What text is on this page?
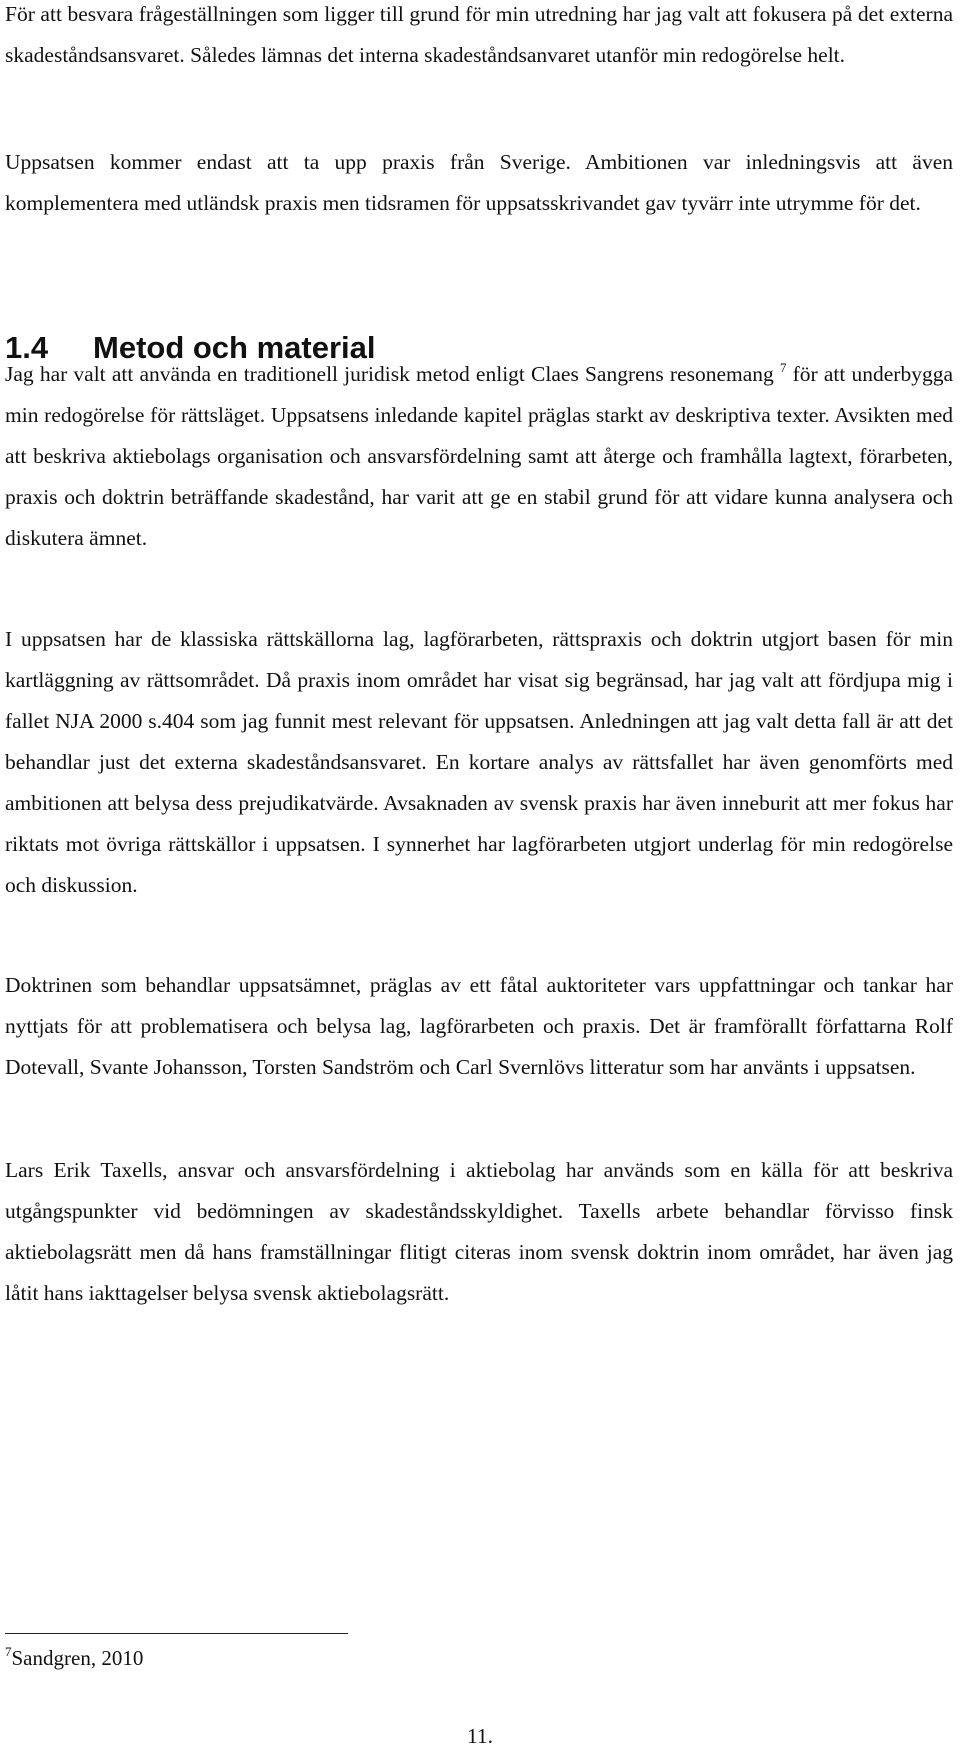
För att besvara frågeställningen som ligger till grund för min utredning har jag valt att fokusera på det externa skadeståndsansvaret. Således lämnas det interna skadeståndsanvaret utanför min redogörelse helt.

Uppsatsen kommer endast att ta upp praxis från Sverige. Ambitionen var inledningsvis att även komplementera med utländsk praxis men tidsramen för uppsatsskrivandet gav tyvärr inte utrymme för det.

1.4 Metod och material

Jag har valt att använda en traditionell juridisk metod enligt Claes Sangrens resonemang $^7$ för att underbygga min redogörelse för rättsläget. Uppsatsens inledande kapitel präglas starkt av deskriptiva texter. Avsikten med att beskriva aktiebolags organisation och ansvarsfördelning samt att återge och framhålla lagtext, förarbeten, praxis och doktrin beträffande skadestånd, har varit att ge en stabil grund för att vidare kunna analysera och diskutera ämnet.

I uppsatsen har de klassiska rättskällorna lag, lagförarbeten, rättspraxis och doktrin utgjort basen för min kartläggning av rättsområdet. Då praxis inom området har visat sig begränsad, har jag valt att fördjupa mig i fallet NJA 2000 s.404 som jag funnit mest relevant för uppsatsen. Anledningen att jag valt detta fall är att det behandlar just det externa skadeståndsansvaret. En kortare analys av rättsfallet har även genomförts med ambitionen att belysa dess prejudikatvärde. Avsaknaden av svensk praxis har även inneburit att mer fokus har riktats mot övriga rättskällor i uppsatsen. I synnerhet har lagförarbeten utgjort underlag för min redogörelse och diskussion.

Doktrinen som behandlar uppsatsämnet, präglas av ett fåtal auktoriteter vars uppfattningar och tankar har nyttjats för att problematisera och belysa lag, lagförarbeten och praxis. Det är framförallt författarna Rolf Dotevall, Svante Johansson, Torsten Sandström och Carl Svernlövs litteratur som har använts i uppsatsen.

Lars Erik Taxells, ansvar och ansvarsfördelning i aktiebolag har används som en källa för att beskriva utgångspunkter vid bedömningen av skadeståndsskyldighet. Taxells arbete behandlar förvisso finsk aktiebolagsrätt men då hans framställningar flitigt citeras inom svensk doktrin inom området, har även jag låtit hans iakttagelser belysa svensk aktiebolagsrätt.

$^7$Sandgren, 2010

11.
